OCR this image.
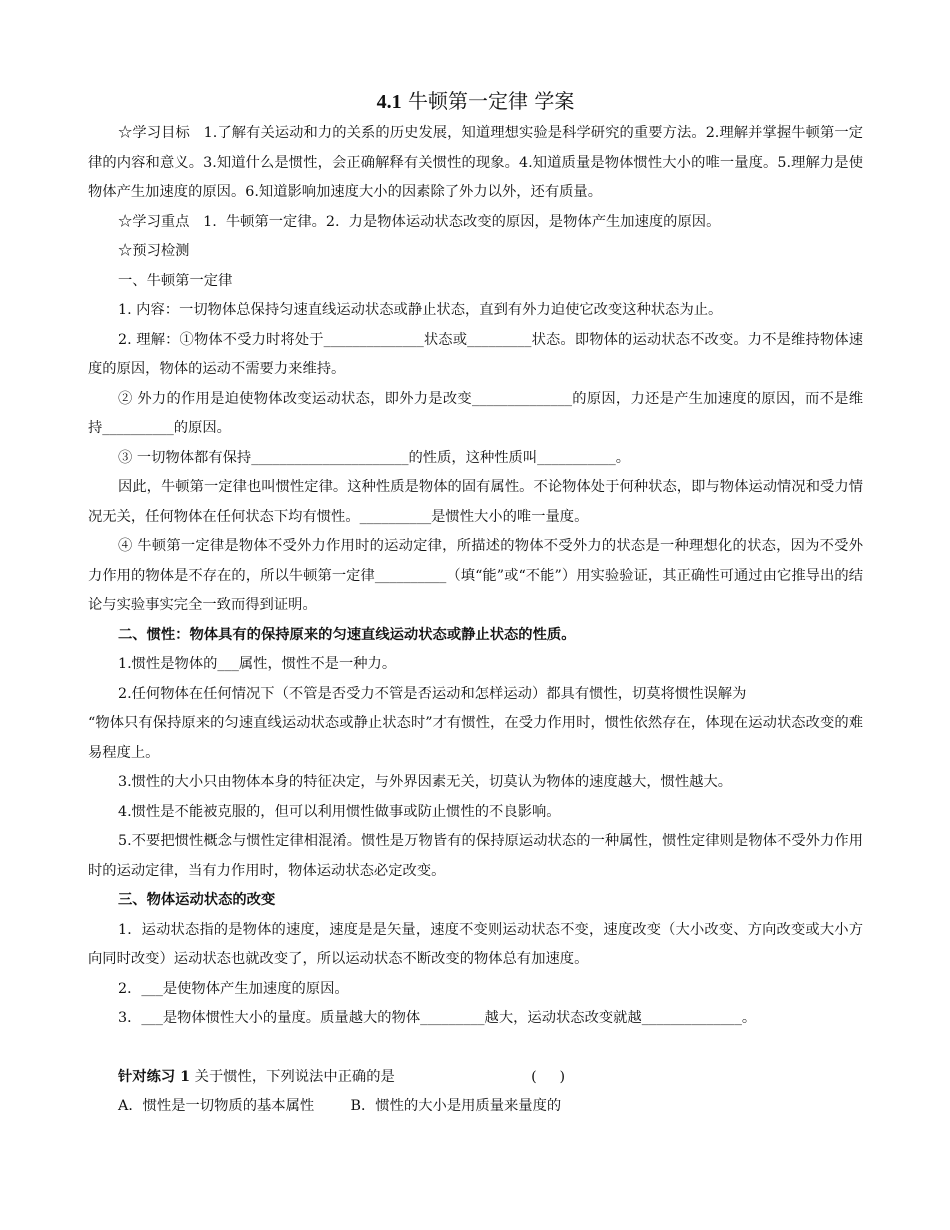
4.1 牛顿第一定律 学案

☆学习目标   1.了解有关运动和力的关系的历史发展，知道理想实验是科学研究的重要方法。2.理解并掌握牛顿第一定律的内容和意义。3.知道什么是惯性，会正确解释有关惯性的现象。4.知道质量是物体惯性大小的唯一量度。5.理解力是使物体产生加速度的原因。6.知道影响加速度大小的因素除了外力以外，还有质量。

☆学习重点   1.  牛顿第一定律。2.  力是物体运动状态改变的原因，是物体产生加速度的原因。

☆预习检测

一、牛顿第一定律

1. 内容：一切物体总保持匀速直线运动状态或静止状态，直到有外力迫使它改变这种状态为止。

2. 理解：①物体不受力时将处于______________状态或_________状态。即物体的运动状态不改变。力不是维持物体速度的原因，物体的运动不需要力来维持。

② 外力的作用是迫使物体改变运动状态，即外力是改变______________的原因，力还是产生加速度的原因，而不是维持__________的原因。

③ 一切物体都有保持______________________的性质，这种性质叫___________。

因此，牛顿第一定律也叫惯性定律。这种性质是物体的固有属性。不论物体处于何种状态，即与物体运动情况和受力情况无关，任何物体在任何状态下均有惯性。__________是惯性大小的唯一量度。

④ 牛顿第一定律是物体不受外力作用时的运动定律，所描述的物体不受外力的状态是一种理想化的状态，因为不受外力作用的物体是不存在的，所以牛顿第一定律__________（填“能”或“不能”）用实验验证，其正确性可通过由它推导出的结论与实验事实完全一致而得到证明。

二、惯性：物体具有的保持原来的匀速直线运动状态或静止状态的性质。

1.惯性是物体的___属性，惯性不是一种力。

2.任何物体在任何情况下（不管是否受力不管是否运动和怎样运动）都具有惯性，切莫将惯性误解为

“物体只有保持原来的匀速直线运动状态或静止状态时”才有惯性，在受力作用时，惯性依然存在，体现在运动状态改变的难易程度上。

3.惯性的大小只由物体本身的特征决定，与外界因素无关，切莫认为物体的速度越大，惯性越大。

4.惯性是不能被克服的，但可以利用惯性做事或防止惯性的不良影响。

5.不要把惯性概念与惯性定律相混淆。惯性是万物皆有的保持原运动状态的一种属性，惯性定律则是物体不受外力作用时的运动定律，当有力作用时，物体运动状态必定改变。

三、物体运动状态的改变

1．运动状态指的是物体的速度，速度是是矢量，速度不变则运动状态不变，速度改变（大小改变、方向改变或大小方向同时改变）运动状态也就改变了，所以运动状态不断改变的物体总有加速度。

2．___是使物体产生加速度的原因。

3．___是物体惯性大小的量度。质量越大的物体_________越大，运动状态改变就越______________。

针对练习 1 关于惯性，下列说法中正确的是                              (     )

A．惯性是一切物质的基本属性        B．惯性的大小是用质量来量度的
